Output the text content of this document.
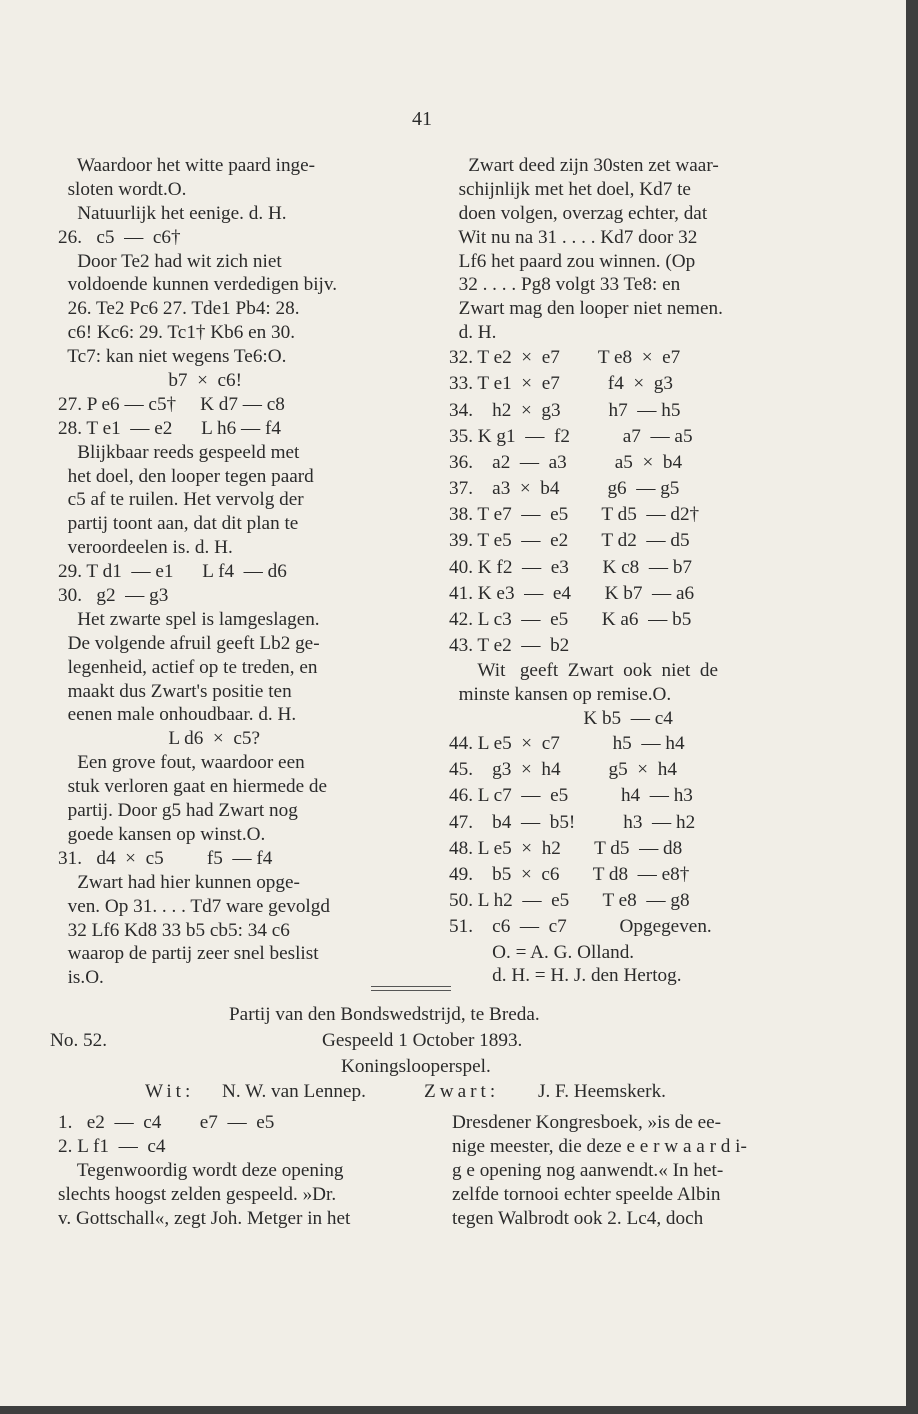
41
Waardoor het witte paard inge-
sloten wordt.O.
Natuurlijk het eenige. d. H.
26.   c5  —  c6†
Door Te2 had wit zich niet
voldoende kunnen verdedigen bijv.
26. Te2 Pc6 27. Tde1 Pb4: 28.
c6! Kc6: 29. Tc1† Kb6 en 30.
Tc7: kan niet wegens Te6:O.
b7  ×  c6!
27. P e6 — c5†     K d7 — c8
28. T e1  — e2      L h6 — f4
Blijkbaar reeds gespeeld met
het doel, den looper tegen paard
c5 af te ruilen. Het vervolg der
partij toont aan, dat dit plan te
veroordeelen is. d. H.
29. T d1  — e1      L f4  — d6
30.   g2  — g3
Het zwarte spel is lamgeslagen.
De volgende afruil geeft Lb2 ge-
legenheid, actief op te treden, en
maakt dus Zwart's positie ten
eenen male onhoudbaar. d. H.
L d6  ×  c5?
Een grove fout, waardoor een
stuk verloren gaat en hiermede de
partij. Door g5 had Zwart nog
goede kansen op winst.O.
31.   d4  ×  c5         f5  — f4
Zwart had hier kunnen opge-
ven. Op 31. . . . Td7 ware gevolgd
32 Lf6 Kd8 33 b5 cb5: 34 c6
waarop de partij zeer snel beslist
is.O.
Zwart deed zijn 30sten zet waar-
schijnlijk met het doel, Kd7 te
doen volgen, overzag echter, dat
Wit nu na 31 . . . . Kd7 door 32
Lf6 het paard zou winnen. (Op
32 . . . . Pg8 volgt 33 Te8: en
Zwart mag den looper niet nemen.
d. H.
32. T e2  ×  e7        T e8  ×  e7
33. T e1  ×  e7          f4  ×  g3
34.    h2  ×  g3          h7  — h5
35. K g1  —  f2           a7  — a5
36.    a2  —  a3          a5  ×  b4
37.    a3  ×  b4          g6  — g5
38. T e7  —  e5       T d5  — d2†
39. T e5  —  e2       T d2  — d5
40. K f2  —  e3       K c8  — b7
41. K e3  —  e4       K b7  — a6
42. L c3  —  e5       K a6  — b5
43. T e2  —  b2
Wit   geeft  Zwart  ook  niet  de
minste kansen op remise.O.
K b5  — c4
44. L e5  ×  c7           h5  — h4
45.    g3  ×  h4          g5  ×  h4
46. L c7  —  e5           h4  — h3
47.    b4  —  b5!          h3  — h2
48. L e5  ×  h2       T d5  — d8
49.    b5  ×  c6       T d8  — e8†
50. L h2  —  e5       T e8  — g8
51.    c6  —  c7           Opgegeven.
O. = A. G. Olland.
d. H. = H. J. den Hertog.
Partij van den Bondswedstrijd, te Breda.
No. 52.	Gespeeld 1 October 1893.
Koningslooperspel.
Wit: N. W. van Lennep.	Zwart: J. F. Heemskerk.
1.   e2  —  c4        e7  —  e5
2. L f1  —  c4
Tegenwoordig wordt deze opening
slechts hoogst zelden gespeeld. »Dr.
v. Gottschall«, zegt Joh. Metger in het
Dresdener Kongresboek, »is de ee-
nige meester, die deze e e r w a a r d i-
g e opening nog aanwendt.« In het-
zelfde tornooi echter speelde Albin
tegen Walbrodt ook 2. Lc4, doch
